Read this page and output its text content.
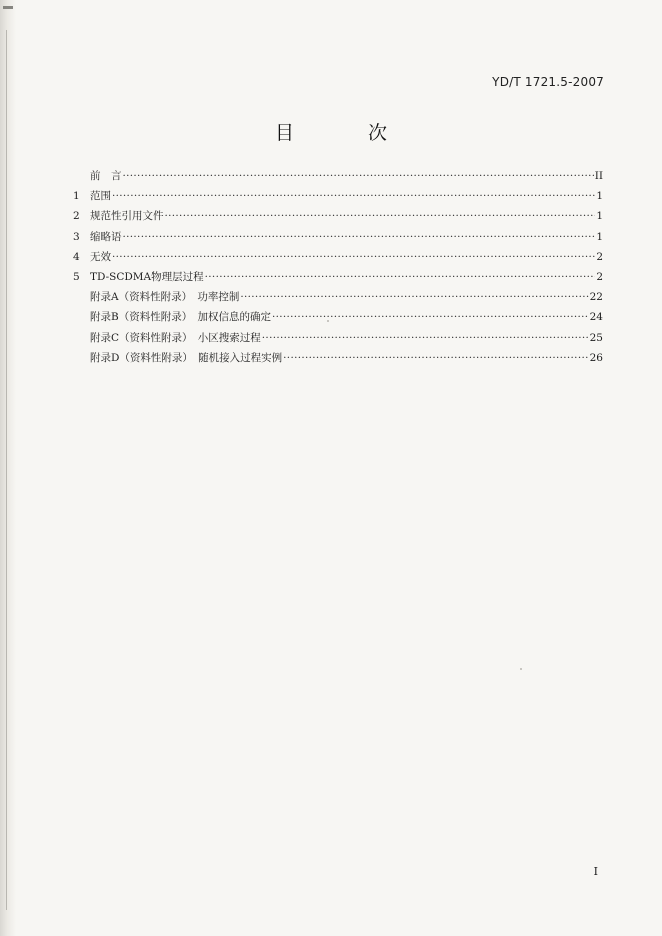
YD/T 1721.5-2007
目 次
前　言 ·····	II
1 范围 ·····	1
2 规范性引用文件 ·····	1
3 缩略语 ·····	1
4 无效 ·····	2
5 TD-SCDMA物理层过程 ·····	2
附录A（资料性附录）　功率控制 ·····	22
附录B（资料性附录）　加权信息的确定 ·····	24
附录C（资料性附录）　小区搜索过程 ·····	25
附录D（资料性附录）　随机接入过程实例 ·····	26
I
